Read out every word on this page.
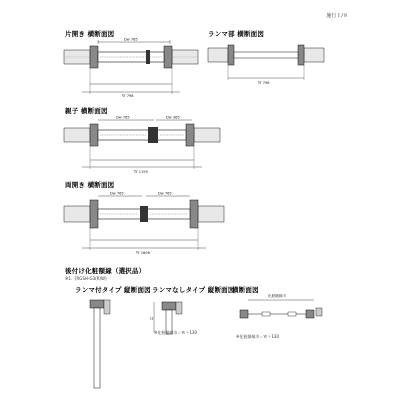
施行１/８
片開き 横断面図
Dw 765
Ｗ 798
ランマ部 横断面図
Ｗ 798
親子 横断面図
Dw 765	Dw 365
Ｗ 1195
両開き 横断面図
Dw 765	Dw 765
Ｗ 1606
後付け化粧額縁（選択品）
※1．[RGSH-G3(R)W]
ランマ付タイプ 縦断面図 ランマなしタイプ 縦断面図
Ｈ
横断面図
化粧額縁巾
※化粧額縁巾＝Ｗ＋130
※化粧額縁巾＝Ｗ＋130
